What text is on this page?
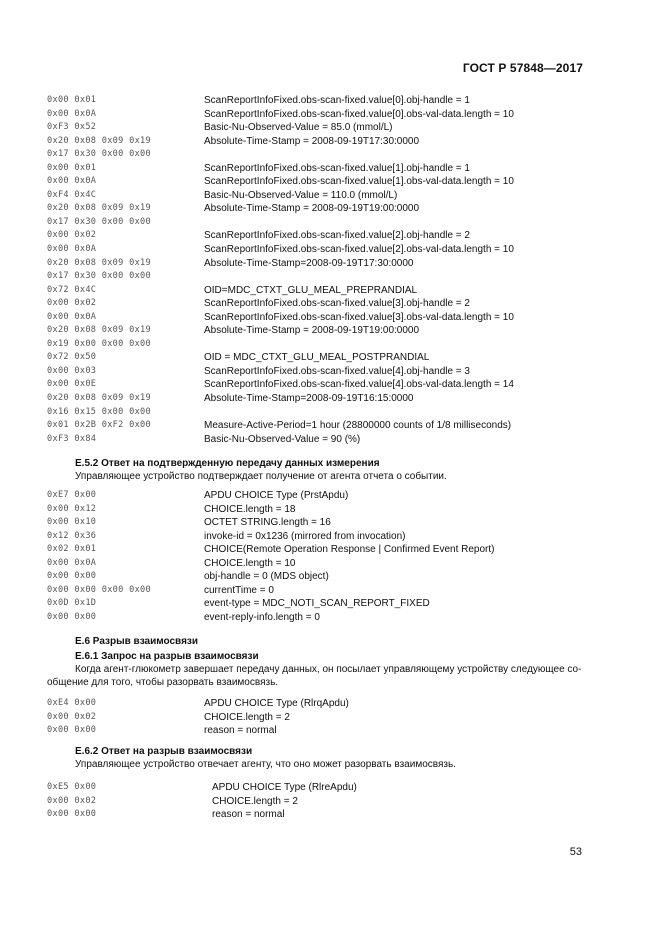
ГОСТ Р 57848—2017
0x00 0x01	ScanReportInfoFixed.obs-scan-fixed.value[0].obj-handle = 1
0x00 0x0A	ScanReportInfoFixed.obs-scan-fixed.value[0].obs-val-data.length = 10
0xF3 0x52	Basic-Nu-Observed-Value = 85.0 (mmol/L)
0x20 0x08 0x09 0x19	Absolute-Time-Stamp = 2008-09-19T17:30:0000
0x17 0x30 0x00 0x00
0x00 0x01	ScanReportInfoFixed.obs-scan-fixed.value[1].obj-handle = 1
0x00 0x0A	ScanReportInfoFixed.obs-scan-fixed.value[1].obs-val-data.length = 10
0xF4 0x4C	Basic-Nu-Observed-Value = 110.0 (mmol/L)
0x20 0x08 0x09 0x19	Absolute-Time-Stamp = 2008-09-19T19:00:0000
0x17 0x30 0x00 0x00
0x00 0x02	ScanReportInfoFixed.obs-scan-fixed.value[2].obj-handle = 2
0x00 0x0A	ScanReportInfoFixed.obs-scan-fixed.value[2].obs-val-data.length = 10
0x20 0x08 0x09 0x19	Absolute-Time-Stamp=2008-09-19T17:30:0000
0x17 0x30 0x00 0x00
0x72 0x4C	OID=MDC_CTXT_GLU_MEAL_PREPRANDIAL
0x00 0x02	ScanReportInfoFixed.obs-scan-fixed.value[3].obj-handle = 2
0x00 0x0A	ScanReportInfoFixed.obs-scan-fixed.value[3].obs-val-data.length = 10
0x20 0x08 0x09 0x19	Absolute-Time-Stamp = 2008-09-19T19:00:0000
0x19 0x00 0x00 0x00
0x72 0x50	OID = MDC_CTXT_GLU_MEAL_POSTPRANDIAL
0x00 0x03	ScanReportInfoFixed.obs-scan-fixed.value[4].obj-handle = 3
0x00 0x0E	ScanReportInfoFixed.obs-scan-fixed.value[4].obs-val-data.length = 14
0x20 0x08 0x09 0x19	Absolute-Time-Stamp=2008-09-19T16:15:0000
0x16 0x15 0x00 0x00
0x01 0x2B 0xF2 0x00	Measure-Active-Period=1 hour (28800000 counts of 1/8 milliseconds)
0xF3 0x84	Basic-Nu-Observed-Value = 90 (%)
Е.5.2 Ответ на подтвержденную передачу данных измерения
Управляющее устройство подтверждает получение от агента отчета о событии.
0xE7 0x00	APDU CHOICE Type (PrstApdu)
0x00 0x12	CHOICE.length = 18
0x00 0x10	OCTET STRING.length = 16
0x12 0x36	invoke-id = 0x1236 (mirrored from invocation)
0x02 0x01	CHOICE(Remote Operation Response | Confirmed Event Report)
0x00 0x0A	CHOICE.length = 10
0x00 0x00	obj-handle = 0 (MDS object)
0x00 0x00 0x00 0x00	currentTime = 0
0x0D 0x1D	event-type = MDC_NOTI_SCAN_REPORT_FIXED
0x00 0x00	event-reply-info.length = 0
Е.6 Разрыв взаимосвязи
Е.6.1 Запрос на разрыв взаимосвязи
Когда агент-глюкометр завершает передачу данных, он посылает управляющему устройству следующее со-
общение для того, чтобы разорвать взаимосвязь.
0xE4 0x00	APDU CHOICE Type (RlrqApdu)
0x00 0x02	CHOICE.length = 2
0x00 0x00	reason = normal
Е.6.2 Ответ на разрыв взаимосвязи
Управляющее устройство отвечает агенту, что оно может разорвать взаимосвязь.
0xE5 0x00	APDU CHOICE Type (RlreApdu)
0x00 0x02	CHOICE.length = 2
0x00 0x00	reason = normal
53
